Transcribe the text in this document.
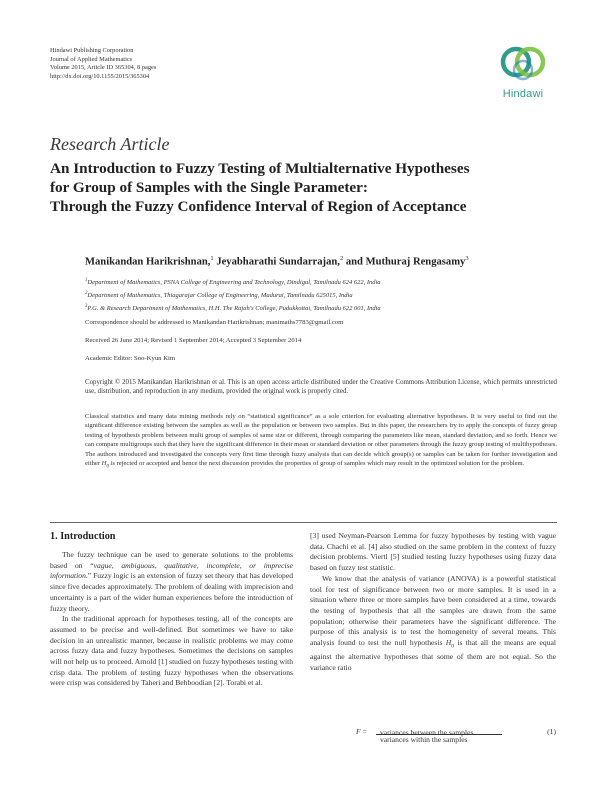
Hindawi Publishing Corporation
Journal of Applied Mathematics
Volume 2015, Article ID 365304, 8 pages
http://dx.doi.org/10.1155/2015/365304
Hindawi
Research Article
An Introduction to Fuzzy Testing of Multialternative Hypotheses
for Group of Samples with the Single Parameter:
Through the Fuzzy Confidence Interval of Region of Acceptance
Manikandan Harikrishnan,$^1$ Jeyabharathi Sundarrajan,$^2$ and Muthuraj Rengasamy$^3$
$^1$Department of Mathematics, PSNA College of Engineering and Technology, Dindigul, Tamilnadu 624 622, India
$^2$Department of Mathematics, Thiagarajar College of Engineering, Madurai, Tamilnadu 625015, India
$^3$P.G. & Research Department of Mathematics, H.H. The Rajah's College, Pudukkottai, Tamilnadu 622 001, India
Correspondence should be addressed to Manikandan Harikrishnan; manimaths7783@gmail.com
Received 26 June 2014; Revised 1 September 2014; Accepted 3 September 2014
Academic Editor: Soo-Kyun Kim
Copyright © 2015 Manikandan Harikrishnan et al. This is an open access article distributed under the Creative Commons Attribution License, which permits unrestricted use, distribution, and reproduction in any medium, provided the original work is properly cited.
Classical statistics and many data mining methods rely on “statistical significance” as a sole criterion for evaluating alternative hypotheses. It is very useful to find out the significant difference existing between the samples as well as the population or between two samples. But in this paper, the researchers try to apply the concepts of fuzzy group testing of hypothesis problem between multi group of samples of same size or different, through comparing the parameters like mean, standard deviation, and so forth. Hence we can compare multigroups such that they have the significant difference in their mean or standard deviation or other parameters through the fuzzy group testing of multihypotheses. The authors introduced and investigated the concepts very first time through fuzzy analysis that can decide which group(s) or samples can be taken for further investigation and either $H_0$ is rejected or accepted and hence the next discussion provides the properties of group of samples which may result in the optimized solution for the problem.
1. Introduction

The fuzzy technique can be used to generate solutions to the problems based on “vague, ambiguous, qualitative, incomplete, or imprecise information.” Fuzzy logic is an extension of fuzzy set theory that has developed since five decades approximately. The problem of dealing with imprecision and uncertainty is a part of the wider human experiences before the introduction of fuzzy theory.

In the traditional approach for hypotheses testing, all of the concepts are assumed to be precise and well-defined. But sometimes we have to take decision in an unrealistic manner, because in realistic problems we may come across fuzzy data and fuzzy hypotheses. Sometimes the decisions on samples will not help us to proceed. Arnold [1] studied on fuzzy hypotheses testing with crisp data. The problem of testing fuzzy hypotheses when the observations were crisp was considered by Taheri and Behboodian [2]. Torabi et al.

[3] used Neyman-Pearson Lemma for fuzzy hypotheses by testing with vague data. Chachi et al. [4] also studied on the same problem in the context of fuzzy decision problems. Viertl [5] studied testing fuzzy hypotheses using fuzzy data based on fuzzy test statistic.

We know that the analysis of variance (ANOVA) is a powerful statistical tool for test of significance between two or more samples. It is used in a situation where three or more samples have been considered at a time, towards the testing of hypothesis that all the samples are drawn from the same population; otherwise their parameters have the significant difference. The purpose of this analysis is to test the homogeneity of several means. This analysis found to test the null hypothesis $H_0$ is that all the means are equal against the alternative hypotheses that some of them are not equal. So the variance ratio

F = variances between the samples
variances within the samples
(1)
